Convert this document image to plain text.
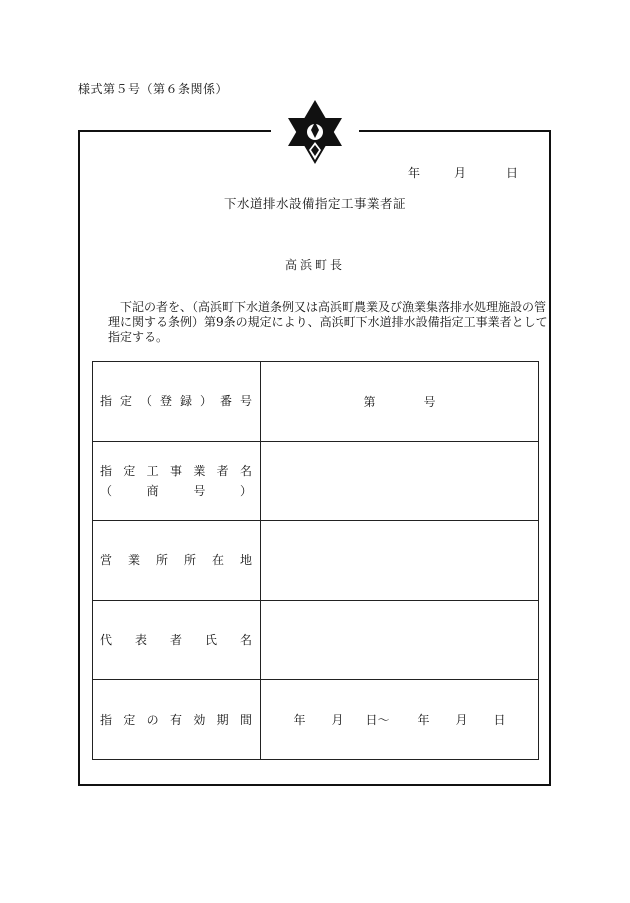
様式第５号（第６条関係）
年	月	日
下水道排水設備指定工事業者証
高浜町長
下記の者を、（高浜町下水道条例又は高浜町農業及び漁業集落排水処理施設の管理に関する条例）第9条の規定により、高浜町下水道排水設備指定工事業者として指定する。
指定（登録）番号	第 号

指定工事業者名
（商号）	

営業所所在地	

代表者氏名	

指定の有効期間	年 月 日〜 年 月 日
